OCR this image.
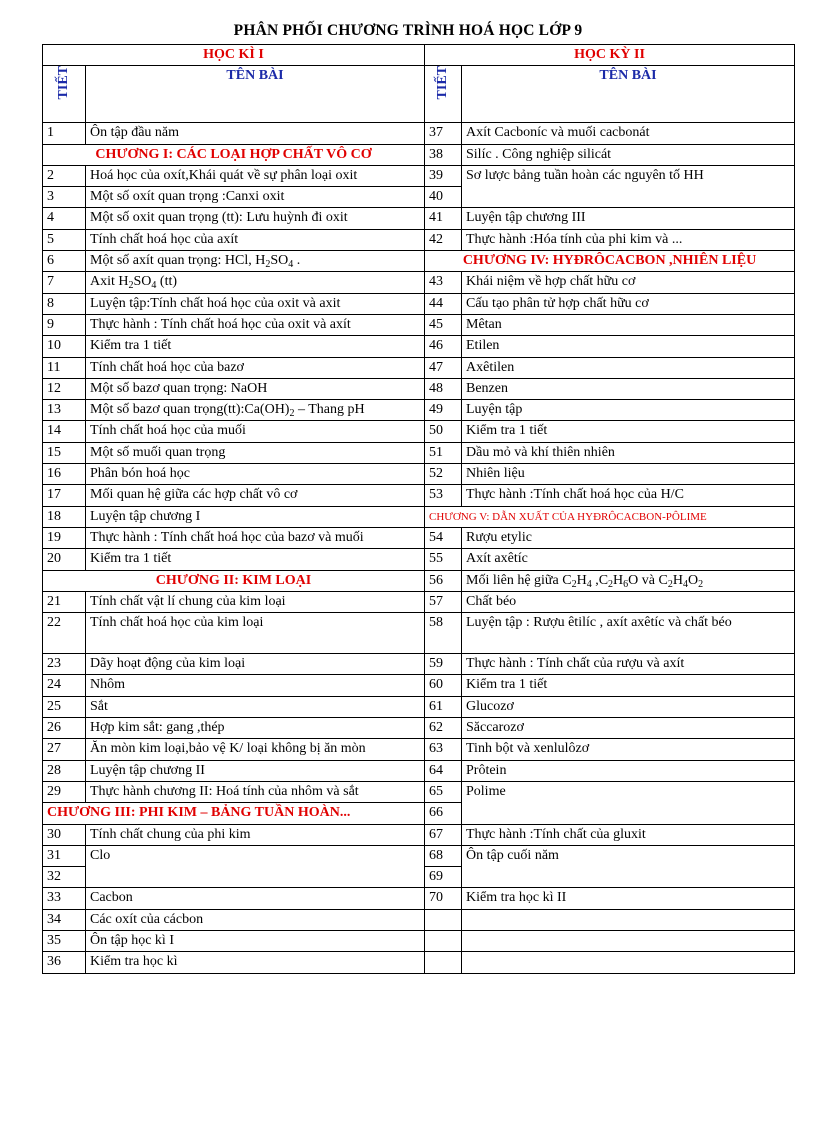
PHÂN PHỐI CHƯƠNG TRÌNH HOÁ HỌC LỚP 9
HỌC KÌ I		HỌC KỲ II	
TIẾT	TÊN BÀI	TIẾT	TÊN BÀI
1	Ôn tập đầu năm	37	Axít Cacboníc và muối cacbonát
CHƯƠNG I: CÁC LOẠI HỢP CHẤT VÔ CƠ		38	Silíc . Công nghiệp silicát
2	Hoá học của oxít,Khái quát về sự phân loại oxit	39	Sơ lược bảng tuần hoàn các nguyên tố HH
3	Một số oxít quan trọng :Canxi oxit	40	
4	Một số oxit quan trọng (tt): Lưu huỳnh đi oxit	41	Luyện tập chương III
5	Tính chất hoá học của axít	42	Thực hành :Hóa tính của phi kim và ...

6	Một số axít quan trọng: HCl, $H_2SO_4$ .	CHƯƠNG IV: HYĐRÔCACBON ,NHIÊN LIỆU	
7	Axit $H_2SO_4$ (tt)	43	Khái niệm về hợp chất hữu cơ
8	Luyện tập:Tính chất hoá học của oxit và axit	44	Cấu tạo phân tử hợp chất hữu cơ
9	Thực hành : Tính chất hoá học của oxit và axít	45	Mêtan
10	Kiểm tra 1 tiết	46	Etilen
11	Tính chất hoá học của bazơ	47	Axêtilen
12	Một số bazơ quan trọng: NaOH	48	Benzen
13	Một số bazơ quan $trọng(tt):Ca(OH)_2$ – Thang pH	49	Luyện tập
14	Tính chất hoá học của muối	50	Kiểm tra 1 tiết
15	Một số muối quan trọng	51	Dầu mỏ và khí thiên nhiên
16	Phân bón hoá học	52	Nhiên liệu
17	Mối quan hệ giữa các hợp chất vô cơ	53	Thực hành :Tính chất hoá học của H/C
18	Luyện tập chương I	CHƯƠNG V: DẪN XUẤT CỦA HYĐRÔCACBON-PÔLIME	
19	Thực hành : Tính chất hoá học của bazơ và muối	54	Rượu etylic
20	Kiểm tra 1 tiết	55	Axít axêtíc
CHƯƠNG II: KIM LOẠI		56	Mối liên hệ giữa $C_2H_4$ $,C_2H_6O$ và $C_2H_4O_2$
21	Tính chất vật lí chung của kim loại	57	Chất béo
22	Tính chất hoá học của kim loại	58	Luyện tập : Rượu êtilíc , axít axêtíc và chất béo
23	Dãy hoạt động của kim loại	59	Thực hành : Tính chất của rượu và axít
24	Nhôm	60	Kiểm tra 1 tiết
25	Sắt	61	Glucozơ
26	Hợp kim sắt: gang ,thép	62	Săccarozơ
27	Ăn mòn kim loại,bảo vệ K/ loại không bị ăn mòn	63	Tinh bột và xenlulôzơ
28	Luyện tập chương II	64	Prôtein
29	Thực hành chương II: Hoá tính của nhôm và sắt	65	Polime
CHƯƠNG III: PHI KIM – BẢNG TUẦN HOÀN...		66	
30	Tính chất chung của phi kim	67	Thực hành :Tính chất của gluxit
31	Clo	68	Ôn tập cuối năm
32		69	
33	Cacbon	70	Kiểm tra học kì II
34	Các oxít của cácbon		
35	Ôn tập học kì I		
36	Kiểm tra học kì		
